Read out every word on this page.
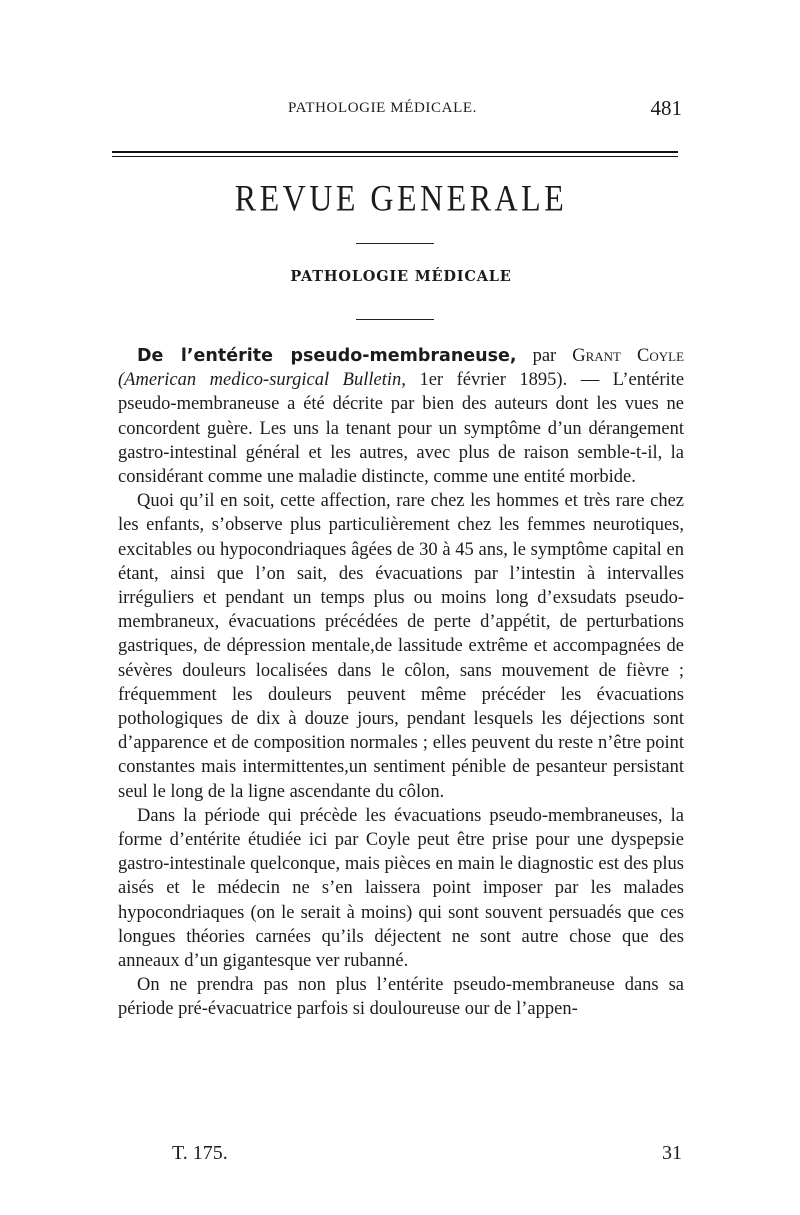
PATHOLOGIE MÉDICALE.	481
REVUE GENERALE
PATHOLOGIE MÉDICALE

De l’entérite pseudo-membraneuse, par Grant Coyle (American medico-surgical Bulletin, 1er février 1895). — L’entérite pseudo-membraneuse a été décrite par bien des auteurs dont les vues ne concordent guère. Les uns la tenant pour un symptôme d’un dérangement gastro-intestinal général et les autres, avec plus de raison semble-t-il, la considérant comme une maladie distincte, comme une entité morbide.

Quoi qu’il en soit, cette affection, rare chez les hommes et très rare chez les enfants, s’observe plus particulièrement chez les femmes neurotiques, excitables ou hypocondriaques âgées de 30 à 45 ans, le symptôme capital en étant, ainsi que l’on sait, des évacuations par l’intestin à intervalles irréguliers et pendant un temps plus ou moins long d’exsudats pseudo-membraneux, évacuations précédées de perte d’appétit, de perturbations gastriques, de dépression mentale,de lassitude extrême et accompagnées de sévères douleurs localisées dans le côlon, sans mouvement de fièvre ; fréquemment les douleurs peuvent même précéder les évacuations pothologiques de dix à douze jours, pendant lesquels les déjections sont d’apparence et de composition normales ; elles peuvent du reste n’être point constantes mais intermittentes,un sentiment pénible de pesanteur persistant seul le long de la ligne ascendante du côlon.

Dans la période qui précède les évacuations pseudo-membraneuses, la forme d’entérite étudiée ici par Coyle peut être prise pour une dyspepsie gastro-intestinale quelconque, mais pièces en main le diagnostic est des plus aisés et le médecin ne s’en laissera point imposer par les malades hypocondriaques (on le serait à moins) qui sont souvent persuadés que ces longues théories carnées qu’ils déjectent ne sont autre chose que des anneaux d’un gigantesque ver rubanné.

On ne prendra pas non plus l’entérite pseudo-membraneuse dans sa période pré-évacuatrice parfois si douloureuse our de l’appen-

T. 175.	31
